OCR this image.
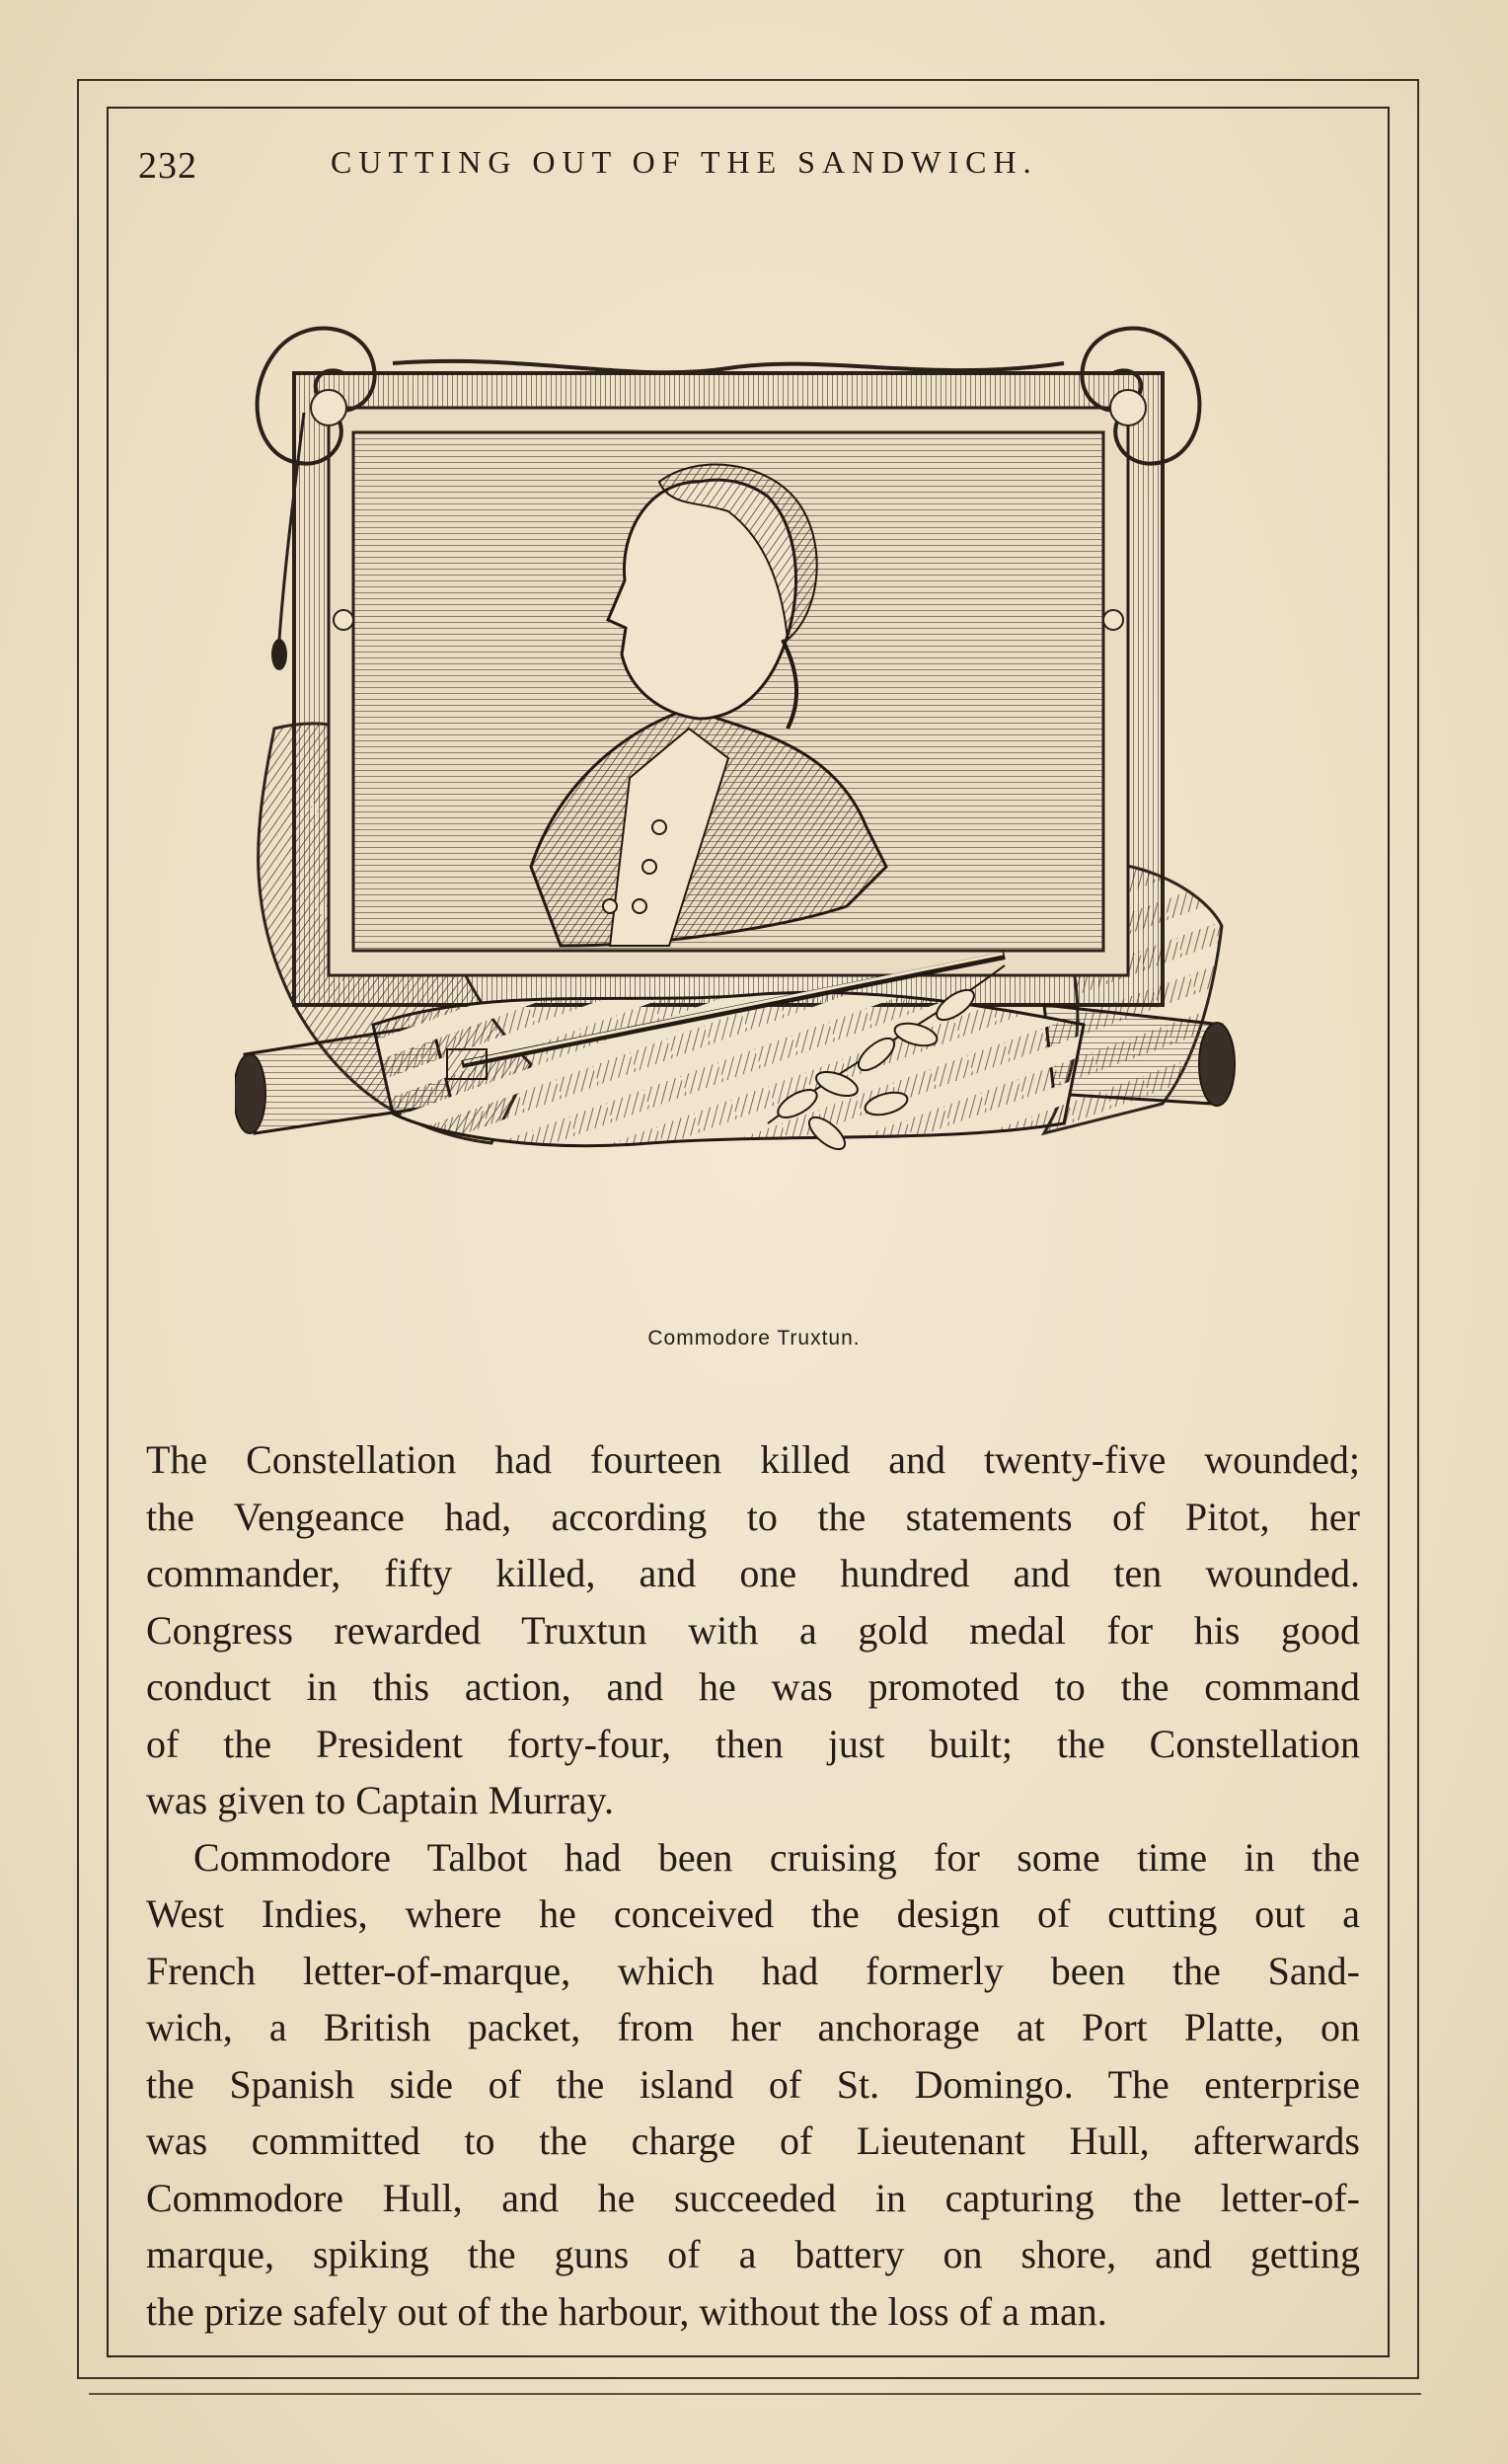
232	CUTTING OUT OF THE SANDWICH.
Commodore Truxtun.
The Constellation had fourteen killed and twenty-five wounded;
the Vengeance had, according to the statements of Pitot, her
commander, fifty killed, and one hundred and ten wounded.
Congress rewarded Truxtun with a gold medal for his good
conduct in this action, and he was promoted to the command
of the President forty-four, then just built; the Constellation
was given to Captain Murray.
Commodore Talbot had been cruising for some time in the
West Indies, where he conceived the design of cutting out a
French letter-of-marque, which had formerly been the Sand-
wich, a British packet, from her anchorage at Port Platte, on
the Spanish side of the island of St. Domingo. The enterprise
was committed to the charge of Lieutenant Hull, afterwards
Commodore Hull, and he succeeded in capturing the letter-of-
marque, spiking the guns of a battery on shore, and getting
the prize safely out of the harbour, without the loss of a man.
